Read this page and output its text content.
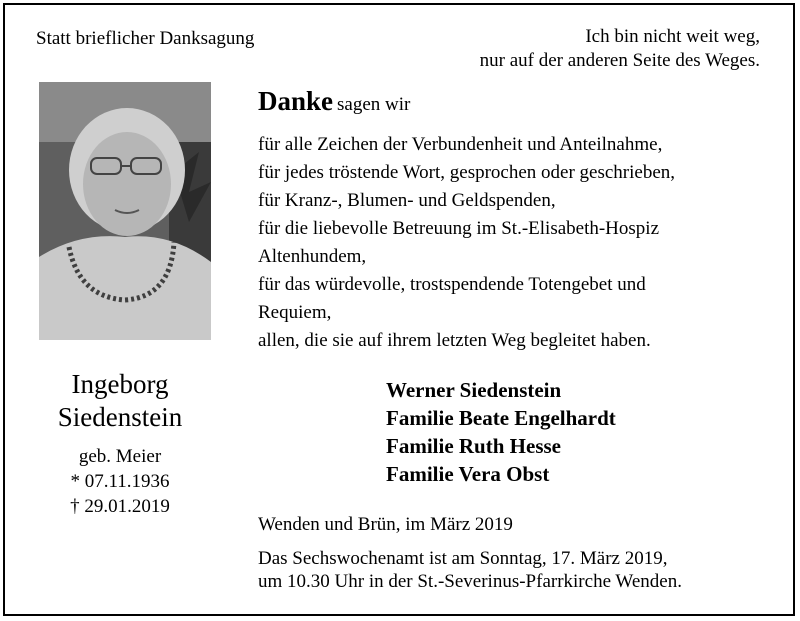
Statt brieflicher Danksagung	Ich bin nicht weit weg,
nur auf der anderen Seite des Weges.
Ingeborg
Siedenstein
geb. Meier
* 07.11.1936
† 29.01.2019
Danke sagen wir
für alle Zeichen der Verbundenheit und Anteilnahme,
für jedes tröstende Wort, gesprochen oder geschrieben,
für Kranz-, Blumen- und Geldspenden,
für die liebevolle Betreuung im St.-Elisabeth-Hospiz
Altenhundem,
für das würdevolle, trostspendende Totengebet und
Requiem,
allen, die sie auf ihrem letzten Weg begleitet haben.
Werner Siedenstein
Familie Beate Engelhardt
Familie Ruth Hesse
Familie Vera Obst
Wenden und Brün, im März 2019
Das Sechswochenamt ist am Sonntag, 17. März 2019,
um 10.30 Uhr in der St.-Severinus-Pfarrkirche Wenden.
